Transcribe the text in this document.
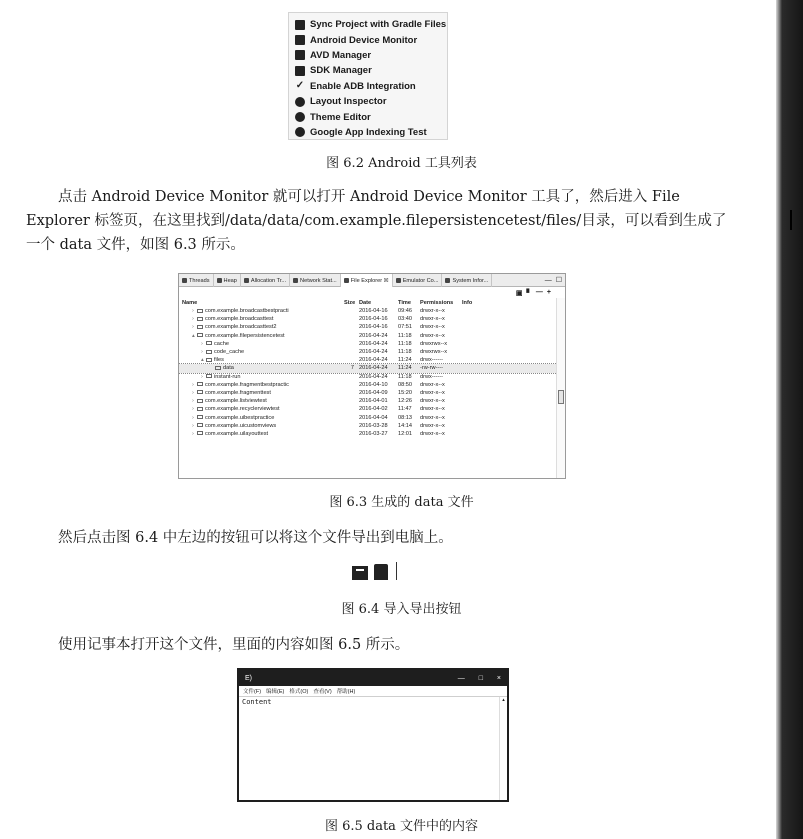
Sync Project with Gradle Files
Android Device Monitor
AVD Manager
SDK Manager
✓ Enable ADB Integration
Layout Inspector
Theme Editor
Google App Indexing Test
图 6.2 Android 工具列表
点击 Android Device Monitor 就可以打开 Android Device Monitor 工具了，然后进入 File
Explorer 标签页，在这里找到/data/data/com.example.filepersistencetest/files/目录，可以看到生成了
一个 data 文件，如图 6.3 所示。
Threads	Heap	Allocation Tr...	Network Stat...	File Explorer ☒	Emulator Co...	System Infor...	— ☐
▣ ▘ — +
Name	Size Date	Time	Permissions	Info
› com.example.broadcastbestpracti	2016-04-16	09:46	drwxr-x--x
› com.example.broadcasttest	2016-04-16	03:40	drwxr-x--x
› com.example.broadcasttest2	2016-04-16	07:51	drwxr-x--x
▴ com.example.filepersistencetest	2016-04-24	11:18	drwxr-x--x
› cache	2016-04-24	11:18	drwxrwx--x
› code_cache	2016-04-24	11:18	drwxrwx--x
▴ files	2016-04-24	11:24	drwx------
data	7 2016-04-24	11:24	-rw-rw----
› instant-run	2016-04-24	11:18	drwx------
› com.example.fragmentbestpractic	2016-04-10	08:50	drwxr-x--x
› com.example.fragmenttest	2016-04-09	15:20	drwxr-x--x
› com.example.listviewtest	2016-04-01	12:26	drwxr-x--x
› com.example.recyclerviewtest	2016-04-02	11:47	drwxr-x--x
› com.example.uibestpractice	2016-04-04	08:13	drwxr-x--x
› com.example.uicustomviews	2016-03-28	14:14	drwxr-x--x
› com.example.uilayouttest	2016-03-27	12:01	drwxr-x--x
图 6.3 生成的 data 文件
然后点击图 6.4 中左边的按钮可以将这个文件导出到电脑上。
图 6.4 导入导出按钮
使用记事本打开这个文件，里面的内容如图 6.5 所示。
E)	— □ ×
文件(F) 编辑(E) 格式(O) 查看(V) 帮助(H)
Content	▴
图 6.5 data 文件中的内容
